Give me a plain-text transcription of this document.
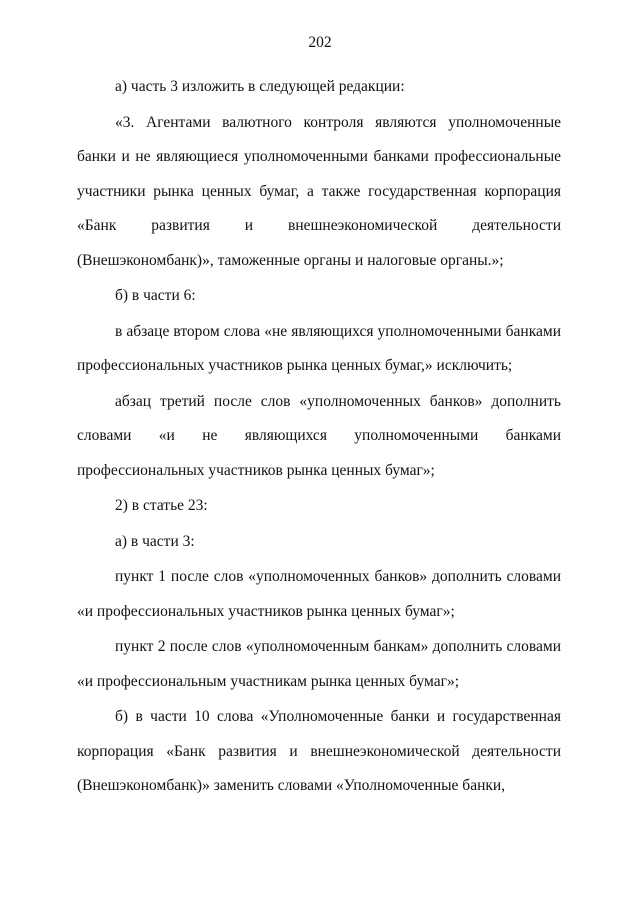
202

а) часть 3 изложить в следующей редакции:

«3. Агентами валютного контроля являются уполномоченные банки и не являющиеся уполномоченными банками профессиональные участники рынка ценных бумаг, а также государственная корпорация «Банк развития и внешнеэкономической деятельности (Внешэкономбанк)», таможенные органы и налоговые органы.»;

б) в части 6:

в абзаце втором слова «не являющихся уполномоченными банками профессиональных участников рынка ценных бумаг,» исключить;

абзац третий после слов «уполномоченных банков» дополнить словами «и не являющихся уполномоченными банками профессиональных участников рынка ценных бумаг»;

2) в статье 23:

а) в части 3:

пункт 1 после слов «уполномоченных банков» дополнить словами «и профессиональных участников рынка ценных бумаг»;

пункт 2 после слов «уполномоченным банкам» дополнить словами «и профессиональным участникам рынка ценных бумаг»;

б) в части 10 слова «Уполномоченные банки и государственная корпорация «Банк развития и внешнеэкономической деятельности (Внешэкономбанк)» заменить словами «Уполномоченные банки,
